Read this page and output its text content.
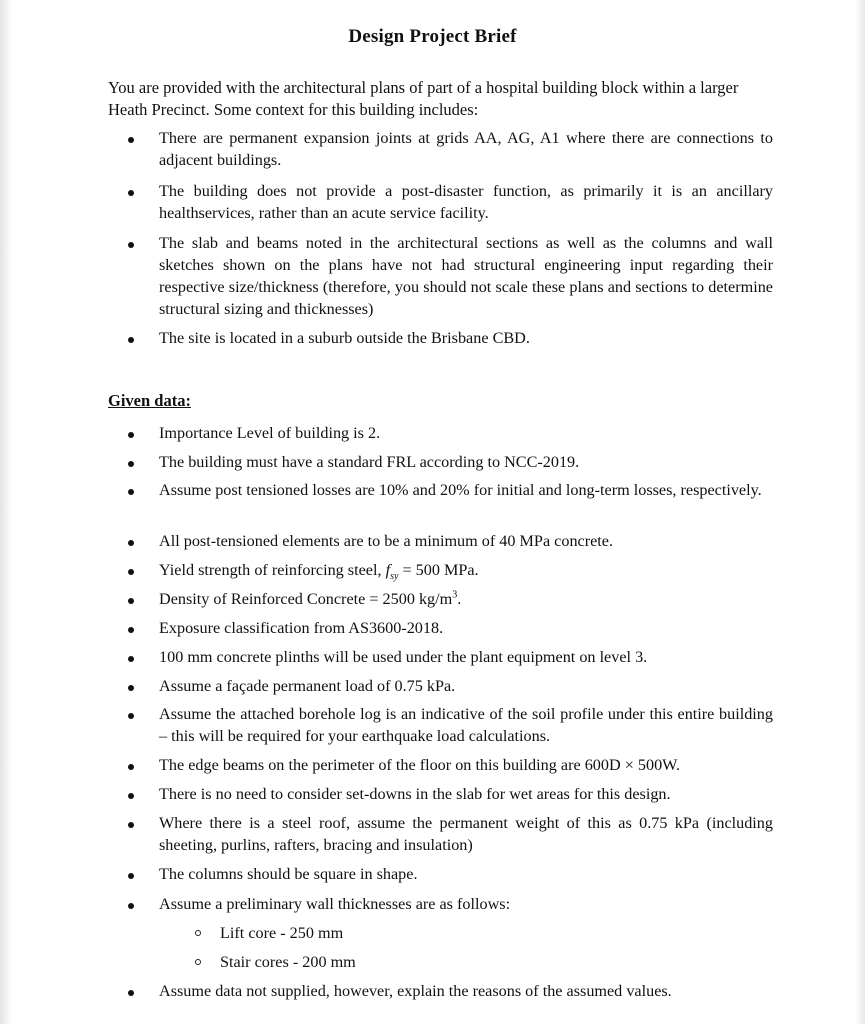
Design Project Brief
You are provided with the architectural plans of part of a hospital building block within a larger Heath Precinct. Some context for this building includes:
There are permanent expansion joints at grids AA, AG, A1 where there are connections to adjacent buildings.
The building does not provide a post-disaster function, as primarily it is an ancillary healthservices, rather than an acute service facility.
The slab and beams noted in the architectural sections as well as the columns and wall sketches shown on the plans have not had structural engineering input regarding their respective size/thickness (therefore, you should not scale these plans and sections to determine structural sizing and thicknesses)
The site is located in a suburb outside the Brisbane CBD.
Given data:
Importance Level of building is 2.
The building must have a standard FRL according to NCC-2019.
Assume post tensioned losses are 10% and 20% for initial and long-term losses, respectively.
All post-tensioned elements are to be a minimum of 40 MPa concrete.
Yield strength of reinforcing steel, $f_{sy} = 500$ MPa.
Density of Reinforced Concrete = 2500 $kg/m^3$.
Exposure classification from AS3600-2018.
100 mm concrete plinths will be used under the plant equipment on level 3.
Assume a façade permanent load of 0.75 kPa.
Assume the attached borehole log is an indicative of the soil profile under this entire building – this will be required for your earthquake load calculations.
The edge beams on the perimeter of the floor on this building are 600D × 500W.
There is no need to consider set-downs in the slab for wet areas for this design.
Where there is a steel roof, assume the permanent weight of this as 0.75 kPa (including sheeting, purlins, rafters, bracing and insulation)
The columns should be square in shape.
Assume a preliminary wall thicknesses are as follows:
Lift core - 250 mm
Stair cores - 200 mm
Assume data not supplied, however, explain the reasons of the assumed values.
